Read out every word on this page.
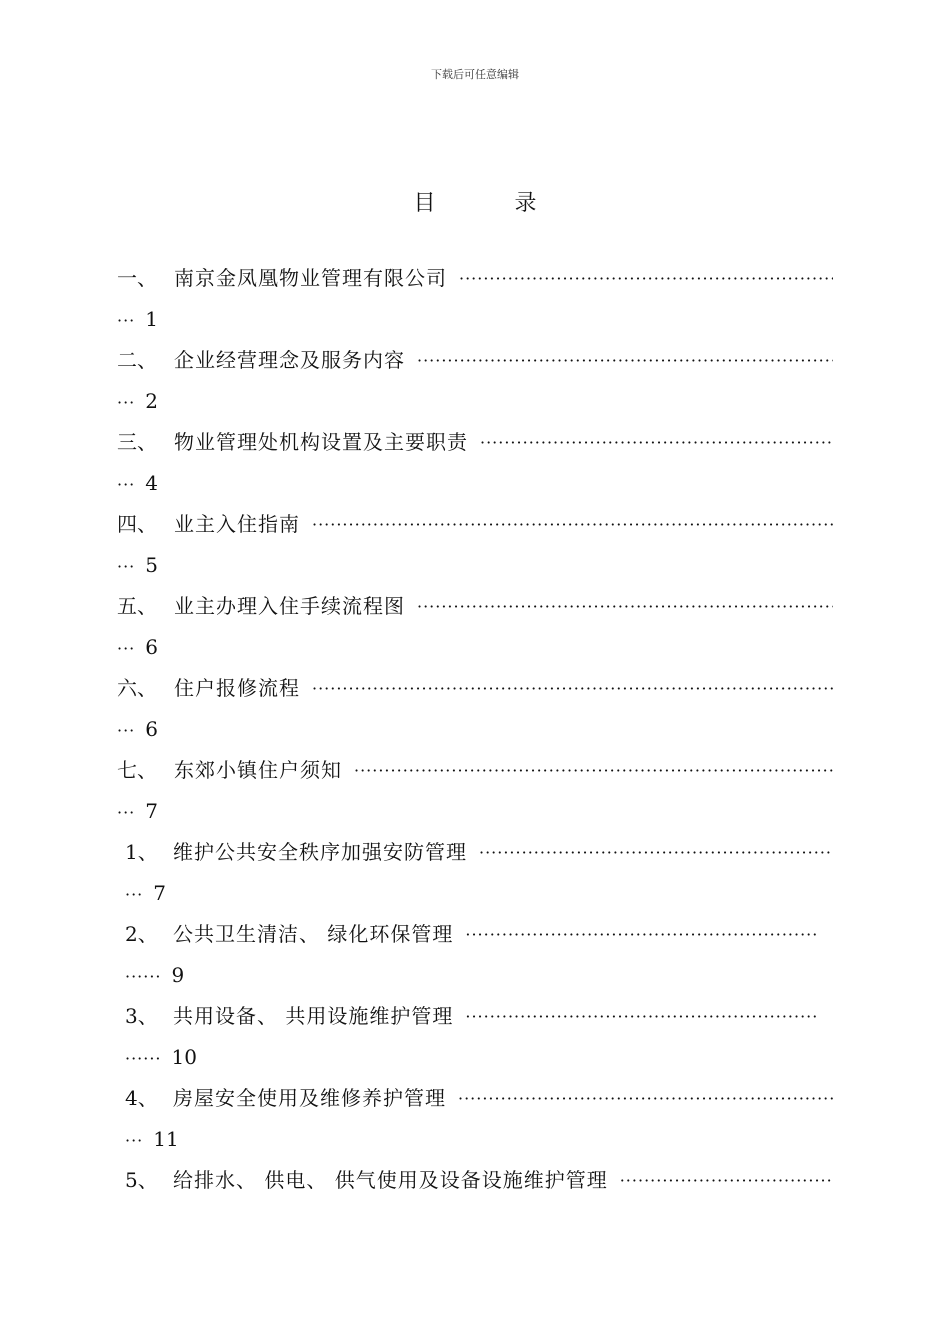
下载后可任意编辑
目 录
一、 南京金凤凰物业管理有限公司
·····
··· 1
二、 企业经营理念及服务内容
·····
··· 2
三、 物业管理处机构设置及主要职责
·····
··· 4
四、 业主入住指南
·····
··· 5
五、 业主办理入住手续流程图
·····
··· 6
六、 住户报修流程
·····
··· 6
七、 东郊小镇住户须知
·····
··· 7
1、 维护公共安全秩序加强安防管理
·····
··· 7
2、 公共卫生清洁、 绿化环保管理
·····
······ 9
3、 共用设备、 共用设施维护管理
·····
······ 10
4、 房屋安全使用及维修养护管理
·····
··· 11
5、 给排水、 供电、 供气使用及设备设施维护管理
·····
